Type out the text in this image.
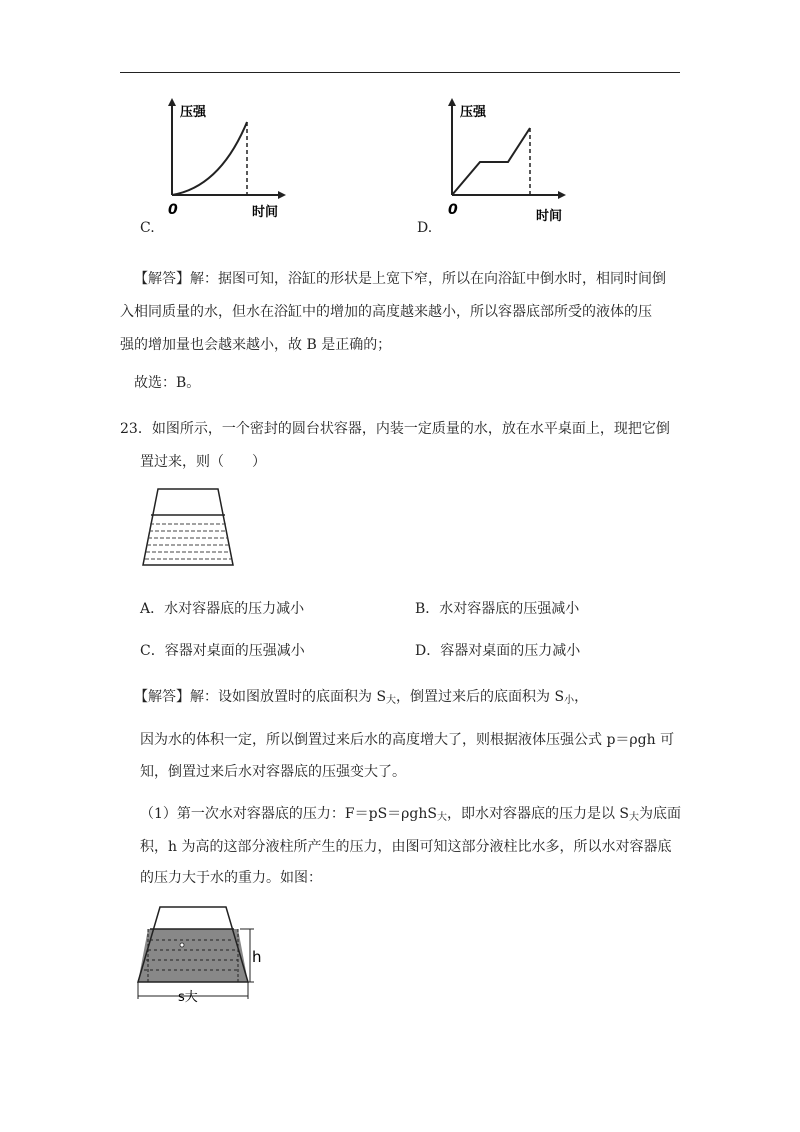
压强
时间
0
C.
压强
时间
0
D.
【解答】解：据图可知，浴缸的形状是上宽下窄，所以在向浴缸中倒水时，相同时间倒
入相同质量的水，但水在浴缸中的增加的高度越来越小，所以容器底部所受的液体的压
强的增加量也会越来越小，故 B 是正确的；
故选：B。
23．如图所示，一个密封的圆台状容器，内装一定质量的水，放在水平桌面上，现把它倒
置过来，则（　　）
A．水对容器底的压力减小	B．水对容器底的压强减小
C．容器对桌面的压强减小	D．容器对桌面的压力减小
【解答】解：设如图放置时的底面积为 $S_大$，倒置过来后的底面积为 $S_小$，
因为水的体积一定，所以倒置过来后水的高度增大了，则根据液体压强公式 p＝ρgh 可
知，倒置过来后水对容器底的压强变大了。
（1）第一次水对容器底的压力：F＝pS＝ρghS$_大$，即水对容器底的压力是以 $S_大$为底面
积，h 为高的这部分液柱所产生的压力，由图可知这部分液柱比水多，所以水对容器底
的压力大于水的重力。如图：
h
s大
